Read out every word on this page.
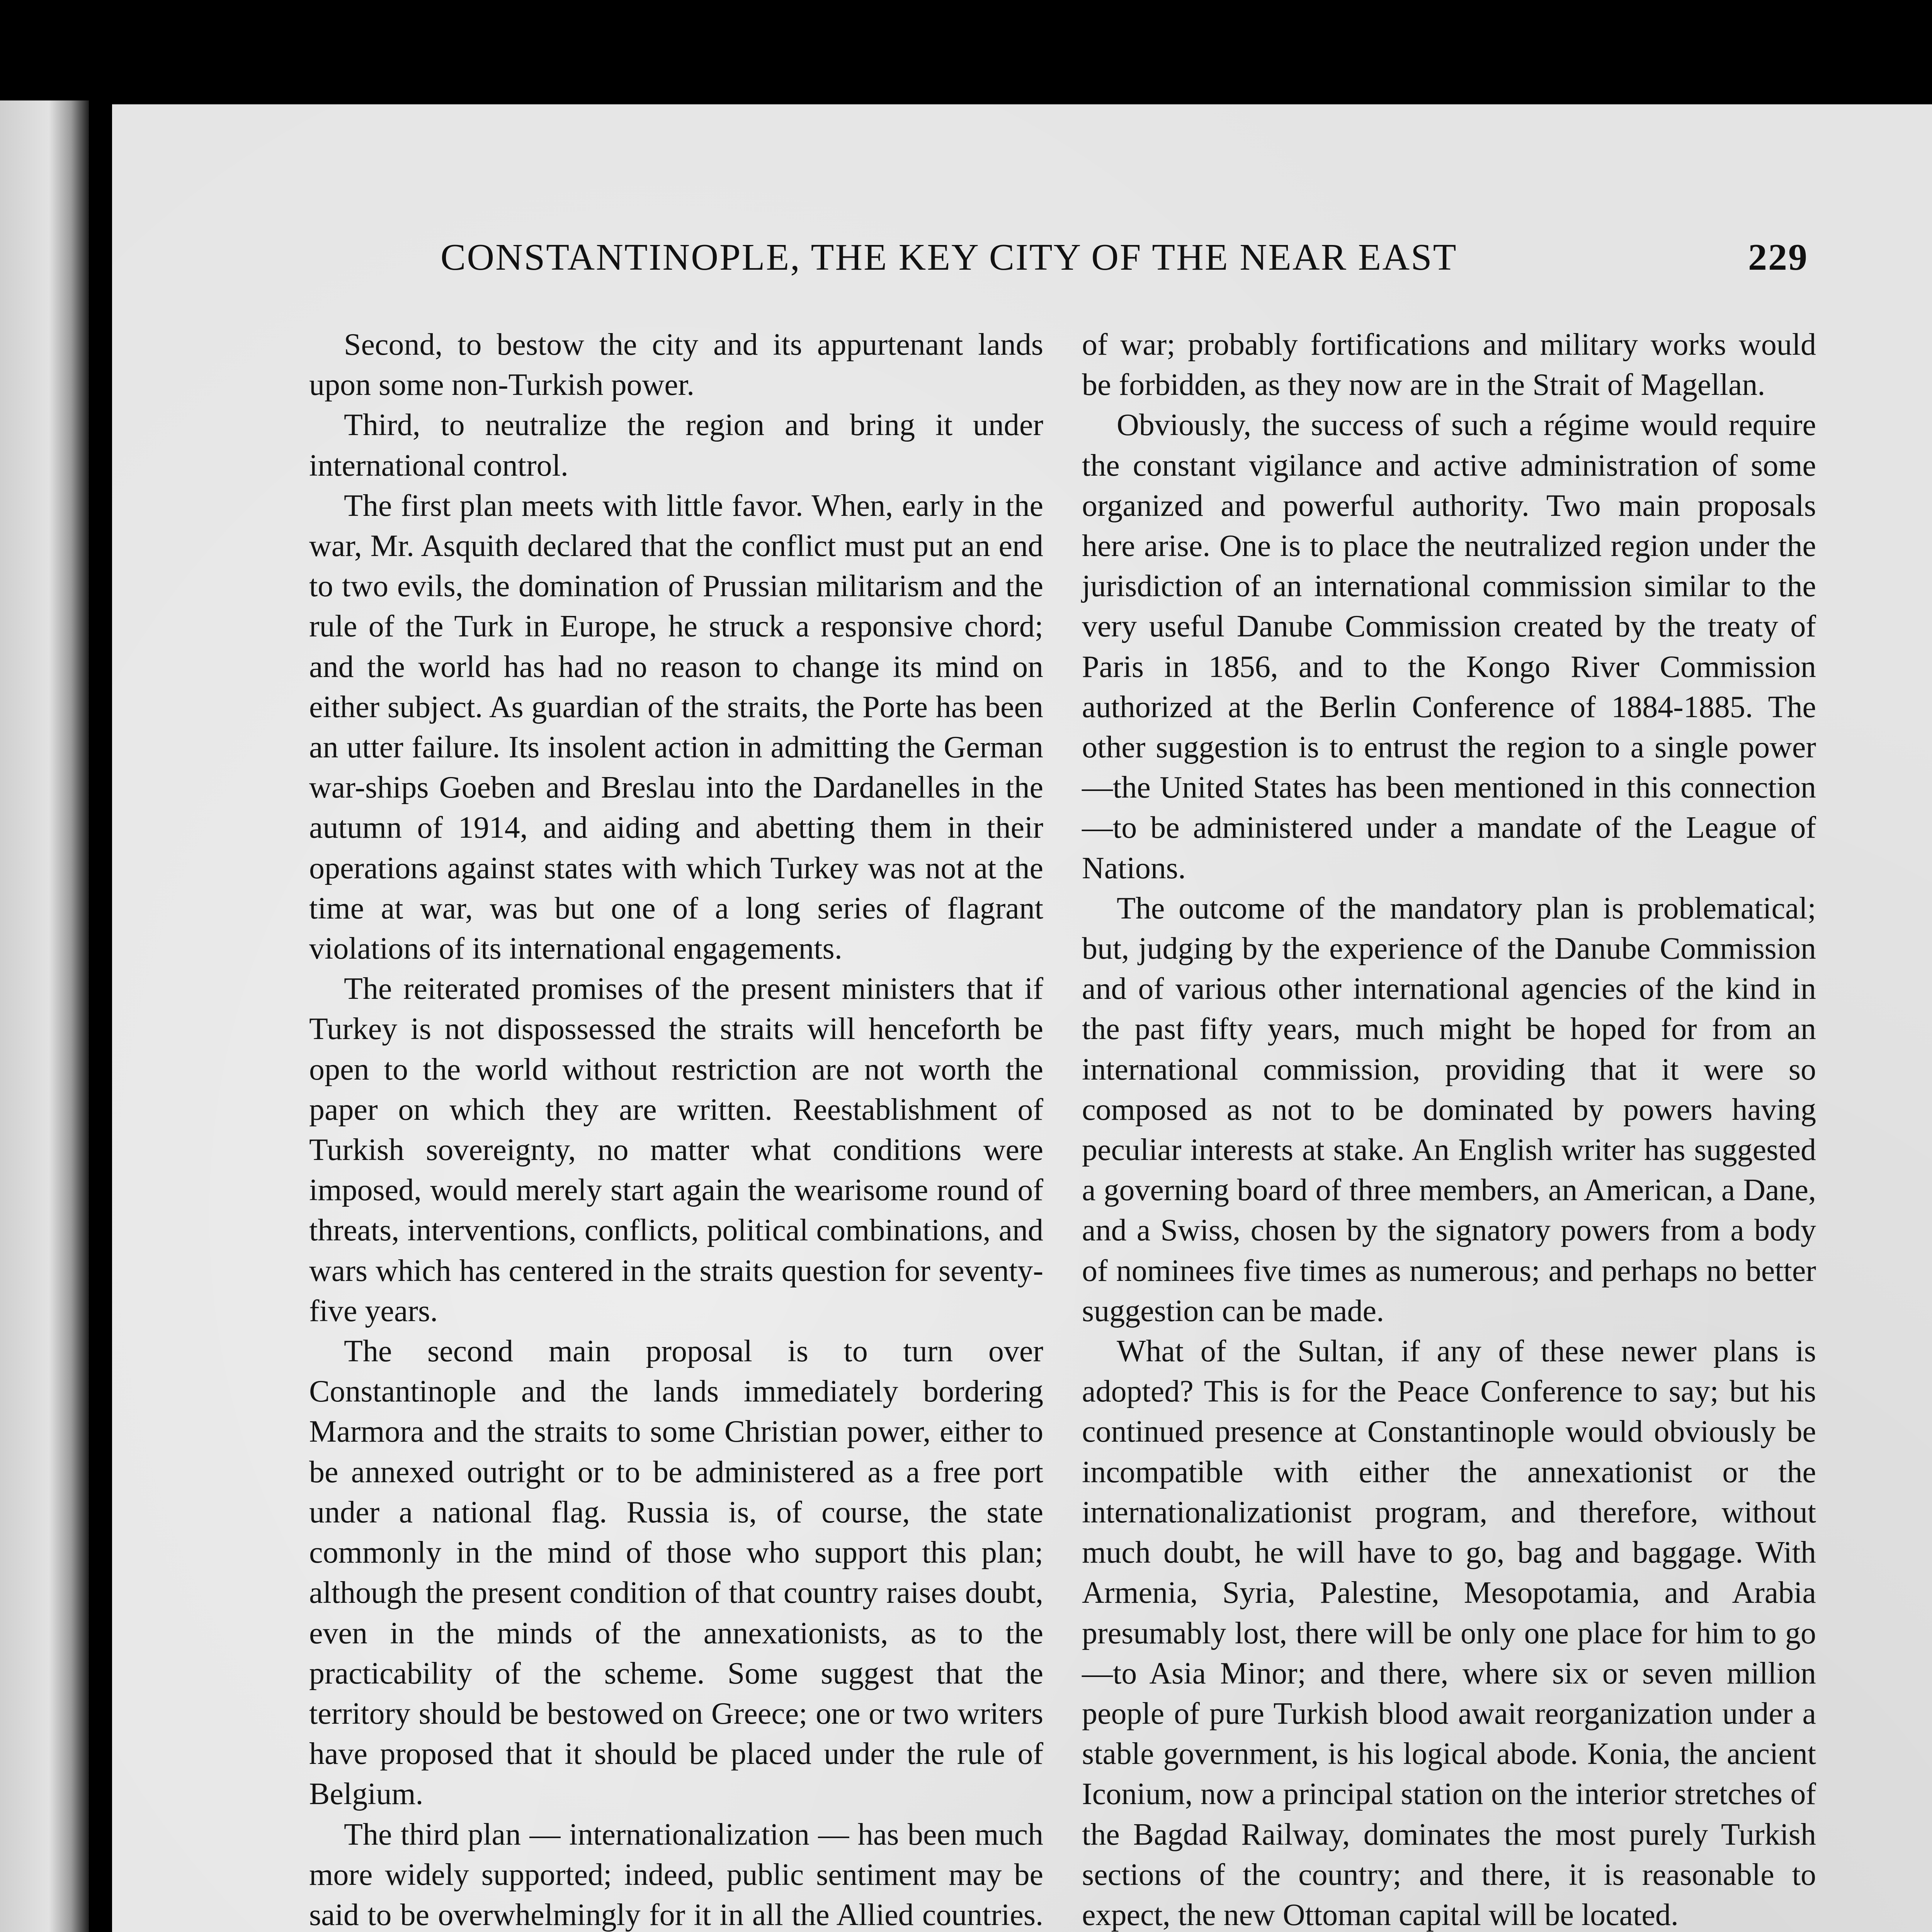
CONSTANTINOPLE, THE KEY CITY OF THE NEAR EAST	229

Second, to bestow the city and its appurtenant lands upon some non-Turkish power.

Third, to neutralize the region and bring it under international control.

The first plan meets with little favor. When, early in the war, Mr. Asquith declared that the conflict must put an end to two evils, the domination of Prussian militarism and the rule of the Turk in Europe, he struck a responsive chord; and the world has had no reason to change its mind on either subject. As guardian of the straits, the Porte has been an utter failure. Its insolent action in admitting the German war-ships Goeben and Breslau into the Dardanelles in the autumn of 1914, and aiding and abetting them in their operations against states with which Turkey was not at the time at war, was but one of a long series of flagrant violations of its international engagements.

The reiterated promises of the present ministers that if Turkey is not dispossessed the straits will henceforth be open to the world without restriction are not worth the paper on which they are written. Reestablishment of Turkish sovereignty, no matter what conditions were imposed, would merely start again the wearisome round of threats, interventions, conflicts, political combinations, and wars which has centered in the straits question for seventy-five years.

The second main proposal is to turn over Constantinople and the lands immediately bordering Marmora and the straits to some Christian power, either to be annexed outright or to be administered as a free port under a national flag. Russia is, of course, the state commonly in the mind of those who support this plan; although the present condition of that country raises doubt, even in the minds of the annexationists, as to the practicability of the scheme. Some suggest that the territory should be bestowed on Greece; one or two writers have proposed that it should be placed under the rule of Belgium.

The third plan — internationalization — has been much more widely supported; indeed, public sentiment may be said to be overwhelmingly for it in all the Allied countries.

of war; probably fortifications and military works would be forbidden, as they now are in the Strait of Magellan.

Obviously, the success of such a régime would require the constant vigilance and active administration of some organized and powerful authority. Two main proposals here arise. One is to place the neutralized region under the jurisdiction of an international commission similar to the very useful Danube Commission created by the treaty of Paris in 1856, and to the Kongo River Commission authorized at the Berlin Conference of 1884-1885. The other suggestion is to entrust the region to a single power—the United States has been mentioned in this connection—to be administered under a mandate of the League of Nations.

The outcome of the mandatory plan is problematical; but, judging by the experience of the Danube Commission and of various other international agencies of the kind in the past fifty years, much might be hoped for from an international commission, providing that it were so composed as not to be dominated by powers having peculiar interests at stake. An English writer has suggested a governing board of three members, an American, a Dane, and a Swiss, chosen by the signatory powers from a body of nominees five times as numerous; and perhaps no better suggestion can be made.

What of the Sultan, if any of these newer plans is adopted? This is for the Peace Conference to say; but his continued presence at Constantinople would obviously be incompatible with either the annexationist or the internationalizationist program, and therefore, without much doubt, he will have to go, bag and baggage. With Armenia, Syria, Palestine, Mesopotamia, and Arabia presumably lost, there will be only one place for him to go—to Asia Minor; and there, where six or seven million people of pure Turkish blood await reorganization under a stable government, is his logical abode. Konia, the ancient Iconium, now a principal station on the interior stretches of the Bagdad Railway, dominates the most purely Turkish sections of the country; and there, it is reasonable to expect, the new Ottoman capital will be located.
